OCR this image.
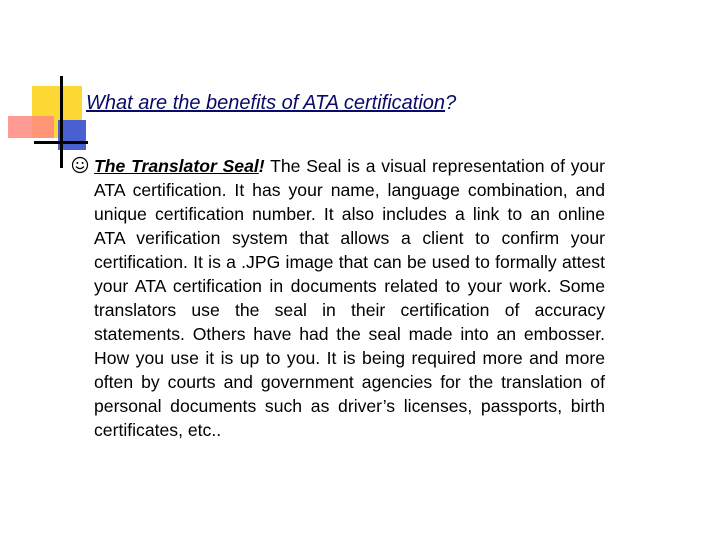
What are the benefits of ATA certification?

The Translator Seal! The Seal is a visual representation of your ATA certification. It has your name, language combination, and unique certification number. It also includes a link to an online ATA verification system that allows a client to confirm your certification. It is a .JPG image that can be used to formally attest your ATA certification in documents related to your work. Some translators use the seal in their certification of accuracy statements. Others have had the seal made into an embosser. How you use it is up to you. It is being required more and more often by courts and government agencies for the translation of personal documents such as driver’s licenses, passports, birth certificates, etc..
